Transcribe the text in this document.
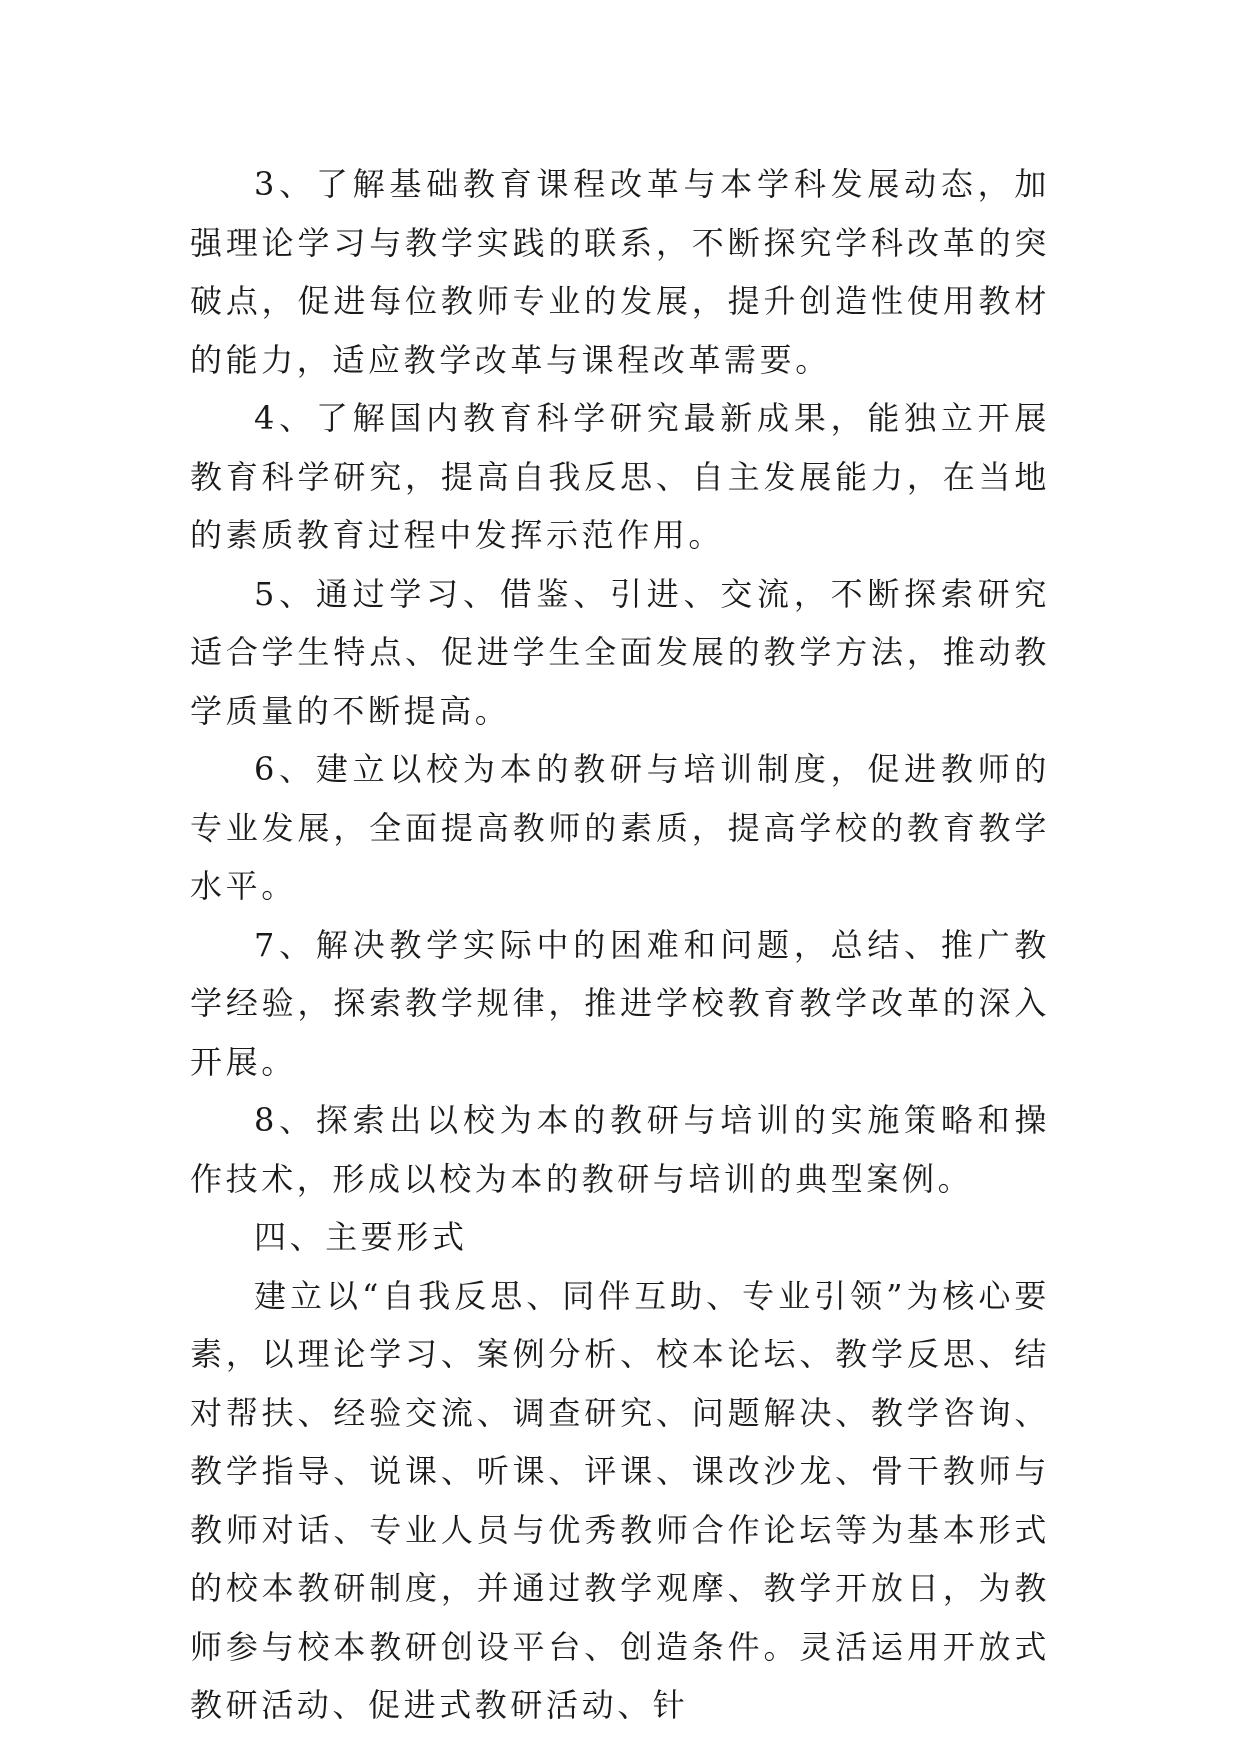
3、了解基础教育课程改革与本学科发展动态，加强理论学习与教学实践的联系，不断探究学科改革的突破点，促进每位教师专业的发展，提升创造性使用教材的能力，适应教学改革与课程改革需要。

4、了解国内教育科学研究最新成果，能独立开展教育科学研究，提高自我反思、自主发展能力，在当地的素质教育过程中发挥示范作用。

5、通过学习、借鉴、引进、交流，不断探索研究适合学生特点、促进学生全面发展的教学方法，推动教学质量的不断提高。

6、建立以校为本的教研与培训制度，促进教师的专业发展，全面提高教师的素质，提高学校的教育教学水平。

7、解决教学实际中的困难和问题，总结、推广教学经验，探索教学规律，推进学校教育教学改革的深入开展。

8、探索出以校为本的教研与培训的实施策略和操作技术，形成以校为本的教研与培训的典型案例。

四、主要形式

建立以“自我反思、同伴互助、专业引领”为核心要素，以理论学习、案例分析、校本论坛、教学反思、结对帮扶、经验交流、调查研究、问题解决、教学咨询、教学指导、说课、听课、评课、课改沙龙、骨干教师与教师对话、专业人员与优秀教师合作论坛等为基本形式的校本教研制度，并通过教学观摩、教学开放日，为教师参与校本教研创设平台、创造条件。灵活运用开放式教研活动、促进式教研活动、针
